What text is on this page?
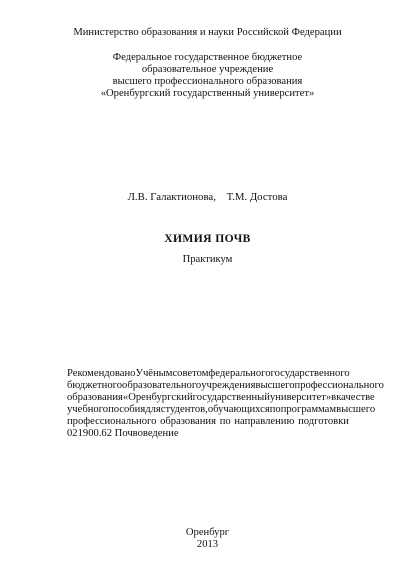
Министерство образования и науки Российской Федерации
Федеральное государственное бюджетное
образовательное учреждение
высшего профессионального образования
«Оренбургский государственный университет»
Л.В. Галактионова, Т.М. Достова
ХИМИЯ ПОЧВ
Практикум
Рекомендовано Учёным советом федерального государственного
бюджетного образовательного учреждения высшего профессионального
образования «Оренбургский государственный университет» в качестве
учебного пособия для студентов, обучающихся по программам высшего
профессионального образования по направлению подготовки
021900.62 Почвоведение
Оренбург
2013
